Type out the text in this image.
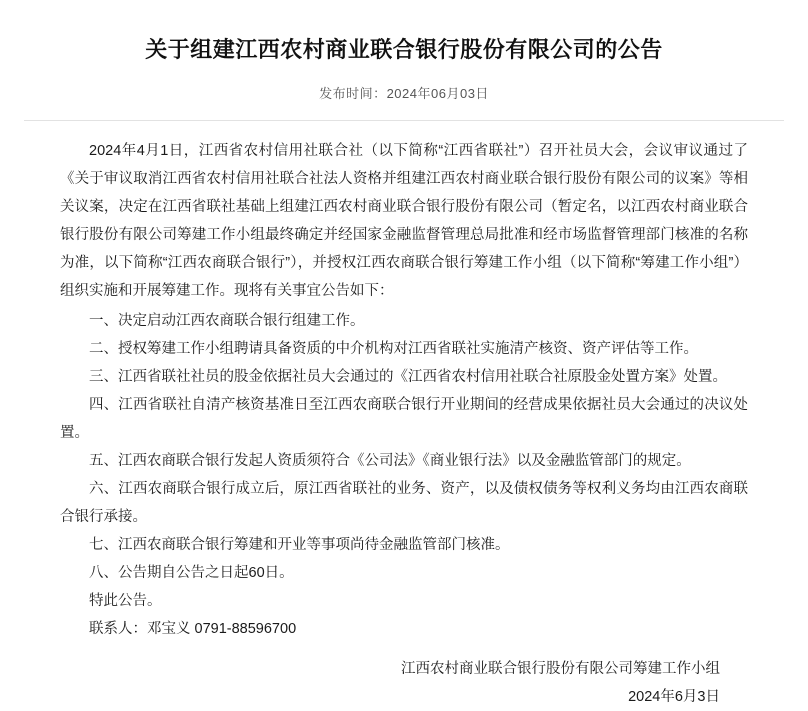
关于组建江西农村商业联合银行股份有限公司的公告
发布时间：2024年06月03日

2024年4月1日，江西省农村信用社联合社（以下简称“江西省联社”）召开社员大会，会议审议通过了《关于审议取消江西省农村信用社联合社法人资格并组建江西农村商业联合银行股份有限公司的议案》等相关议案，决定在江西省联社基础上组建江西农村商业联合银行股份有限公司（暂定名，以江西农村商业联合银行股份有限公司筹建工作小组最终确定并经国家金融监督管理总局批准和经市场监督管理部门核准的名称为准，以下简称“江西农商联合银行”），并授权江西农商联合银行筹建工作小组（以下简称“筹建工作小组”）组织实施和开展筹建工作。现将有关事宜公告如下：

一、决定启动江西农商联合银行组建工作。

二、授权筹建工作小组聘请具备资质的中介机构对江西省联社实施清产核资、资产评估等工作。

三、江西省联社社员的股金依据社员大会通过的《江西省农村信用社联合社原股金处置方案》处置。

四、江西省联社自清产核资基准日至江西农商联合银行开业期间的经营成果依据社员大会通过的决议处置。

五、江西农商联合银行发起人资质须符合《公司法》《商业银行法》以及金融监管部门的规定。

六、江西农商联合银行成立后，原江西省联社的业务、资产，以及债权债务等权利义务均由江西农商联合银行承接。

七、江西农商联合银行筹建和开业等事项尚待金融监管部门核准。

八、公告期自公告之日起60日。

特此公告。

联系人：邓宝义 0791-88596700

江西农村商业联合银行股份有限公司筹建工作小组
2024年6月3日
